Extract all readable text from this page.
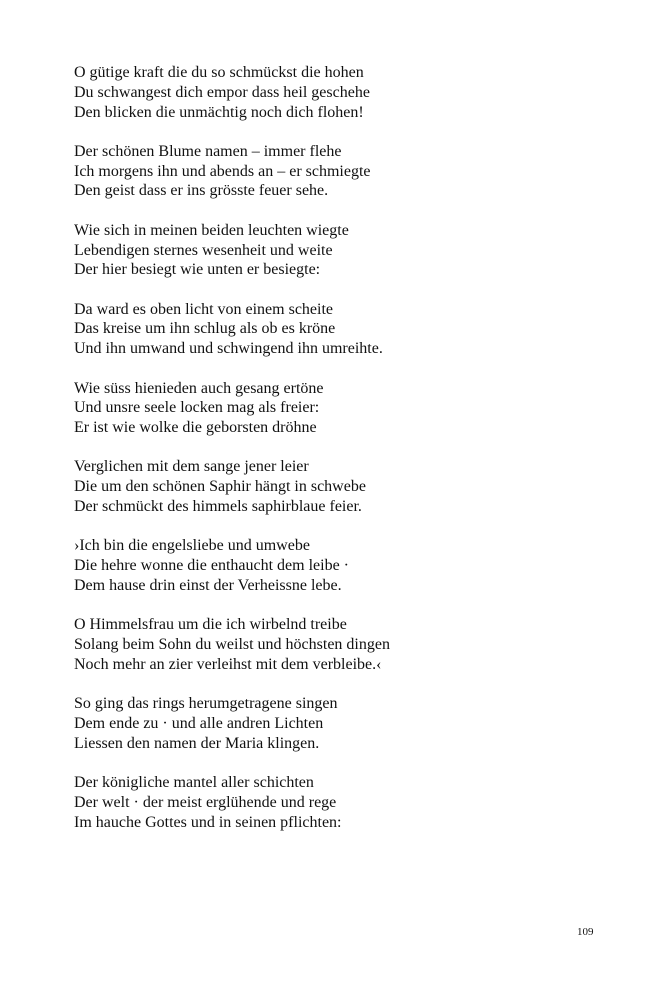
O gütige kraft die du so schmückst die hohen
Du schwangest dich empor dass heil geschehe
Den blicken die unmächtig noch dich flohen!
Der schönen Blume namen – immer flehe
Ich morgens ihn und abends an – er schmiegte
Den geist dass er ins grösste feuer sehe.
Wie sich in meinen beiden leuchten wiegte
Lebendigen sternes wesenheit und weite
Der hier besiegt wie unten er besiegte:
Da ward es oben licht von einem scheite
Das kreise um ihn schlug als ob es kröne
Und ihn umwand und schwingend ihn umreihte.
Wie süss hienieden auch gesang ertöne
Und unsre seele locken mag als freier:
Er ist wie wolke die geborsten dröhne
Verglichen mit dem sange jener leier
Die um den schönen Saphir hängt in schwebe
Der schmückt des himmels saphirblaue feier.
›Ich bin die engelsliebe und umwebe
Die hehre wonne die enthaucht dem leibe ·
Dem hause drin einst der Verheissne lebe.
O Himmelsfrau um die ich wirbelnd treibe
Solang beim Sohn du weilst und höchsten dingen
Noch mehr an zier verleihst mit dem verbleibe.‹
So ging das rings herumgetragene singen
Dem ende zu · und alle andren Lichten
Liessen den namen der Maria klingen.
Der königliche mantel aller schichten
Der welt · der meist erglühende und rege
Im hauche Gottes und in seinen pflichten:
109
